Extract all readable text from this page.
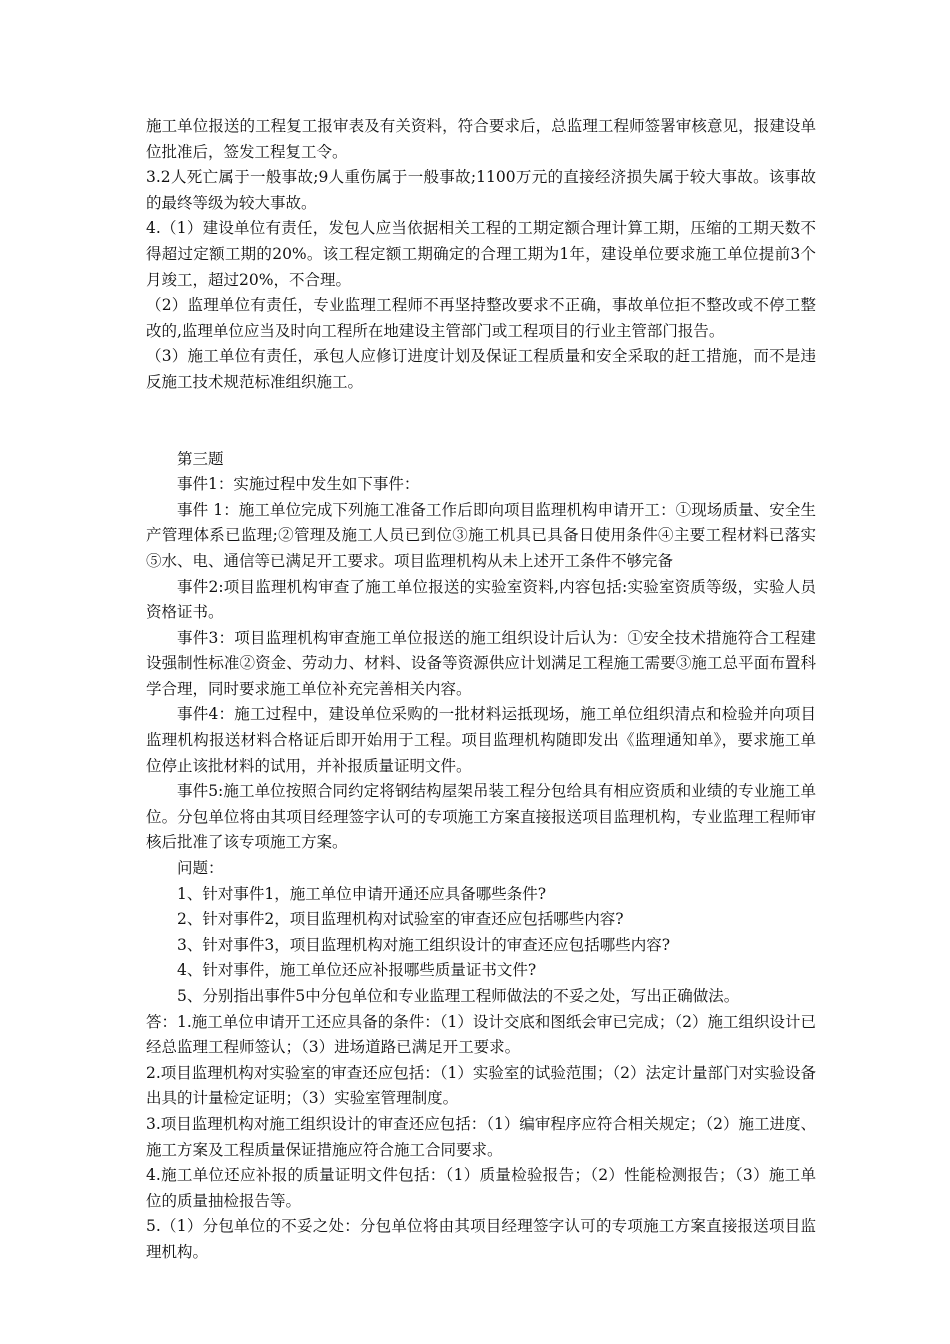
施工单位报送的工程复工报审表及有关资料，符合要求后，总监理工程师签署审核意见，报建设单位批准后，签发工程复工令。

3.2人死亡属于一般事故;9人重伤属于一般事故;1100万元的直接经济损失属于较大事故。该事故的最终等级为较大事故。

4.（1）建设单位有责任，发包人应当依据相关工程的工期定额合理计算工期，压缩的工期天数不得超过定额工期的20%。该工程定额工期确定的合理工期为1年，建设单位要求施工单位提前3个月竣工，超过20%，不合理。

（2）监理单位有责任，专业监理工程师不再坚持整改要求不正确，事故单位拒不整改或不停工整改的,监理单位应当及时向工程所在地建设主管部门或工程项目的行业主管部门报告。

（3）施工单位有责任，承包人应修订进度计划及保证工程质量和安全采取的赶工措施，而不是违反施工技术规范标准组织施工。

第三题

事件1：实施过程中发生如下事件：

事件 1：施工单位完成下列施工准备工作后即向项目监理机构申请开工：①现场质量、安全生产管理体系已监理;②管理及施工人员已到位③施工机具已具备日使用条件④主要工程材料已落实⑤水、电、通信等已满足开工要求。项目监理机构从未上述开工条件不够完备

事件2:项目监理机构审查了施工单位报送的实验室资料,内容包括:实验室资质等级，实验人员资格证书。

事件3：项目监理机构审查施工单位报送的施工组织设计后认为：①安全技术措施符合工程建设强制性标准②资金、劳动力、材料、设备等资源供应计划满足工程施工需要③施工总平面布置科学合理，同时要求施工单位补充完善相关内容。

事件4：施工过程中，建设单位采购的一批材料运抵现场，施工单位组织清点和检验并向项目监理机构报送材料合格证后即开始用于工程。项目监理机构随即发出《监理通知单》，要求施工单位停止该批材料的试用，并补报质量证明文件。

事件5:施工单位按照合同约定将钢结构屋架吊装工程分包给具有相应资质和业绩的专业施工单位。分包单位将由其项目经理签字认可的专项施工方案直接报送项目监理机构，专业监理工程师审核后批准了该专项施工方案。

问题：

1、针对事件1，施工单位申请开通还应具备哪些条件?

2、针对事件2，项目监理机构对试验室的审查还应包括哪些内容?

3、针对事件3，项目监理机构对施工组织设计的审查还应包括哪些内容?

4、针对事件，施工单位还应补报哪些质量证书文件?

5、分别指出事件5中分包单位和专业监理工程师做法的不妥之处，写出正确做法。

答：1.施工单位申请开工还应具备的条件：（1）设计交底和图纸会审已完成；（2）施工组织设计已经总监理工程师签认；（3）进场道路已满足开工要求。

2.项目监理机构对实验室的审查还应包括：（1）实验室的试验范围；（2）法定计量部门对实验设备出具的计量检定证明；（3）实验室管理制度。

3.项目监理机构对施工组织设计的审查还应包括：（1）编审程序应符合相关规定；（2）施工进度、施工方案及工程质量保证措施应符合施工合同要求。

4.施工单位还应补报的质量证明文件包括：（1）质量检验报告；（2）性能检测报告；（3）施工单位的质量抽检报告等。

5.（1）分包单位的不妥之处：分包单位将由其项目经理签字认可的专项施工方案直接报送项目监理机构。
